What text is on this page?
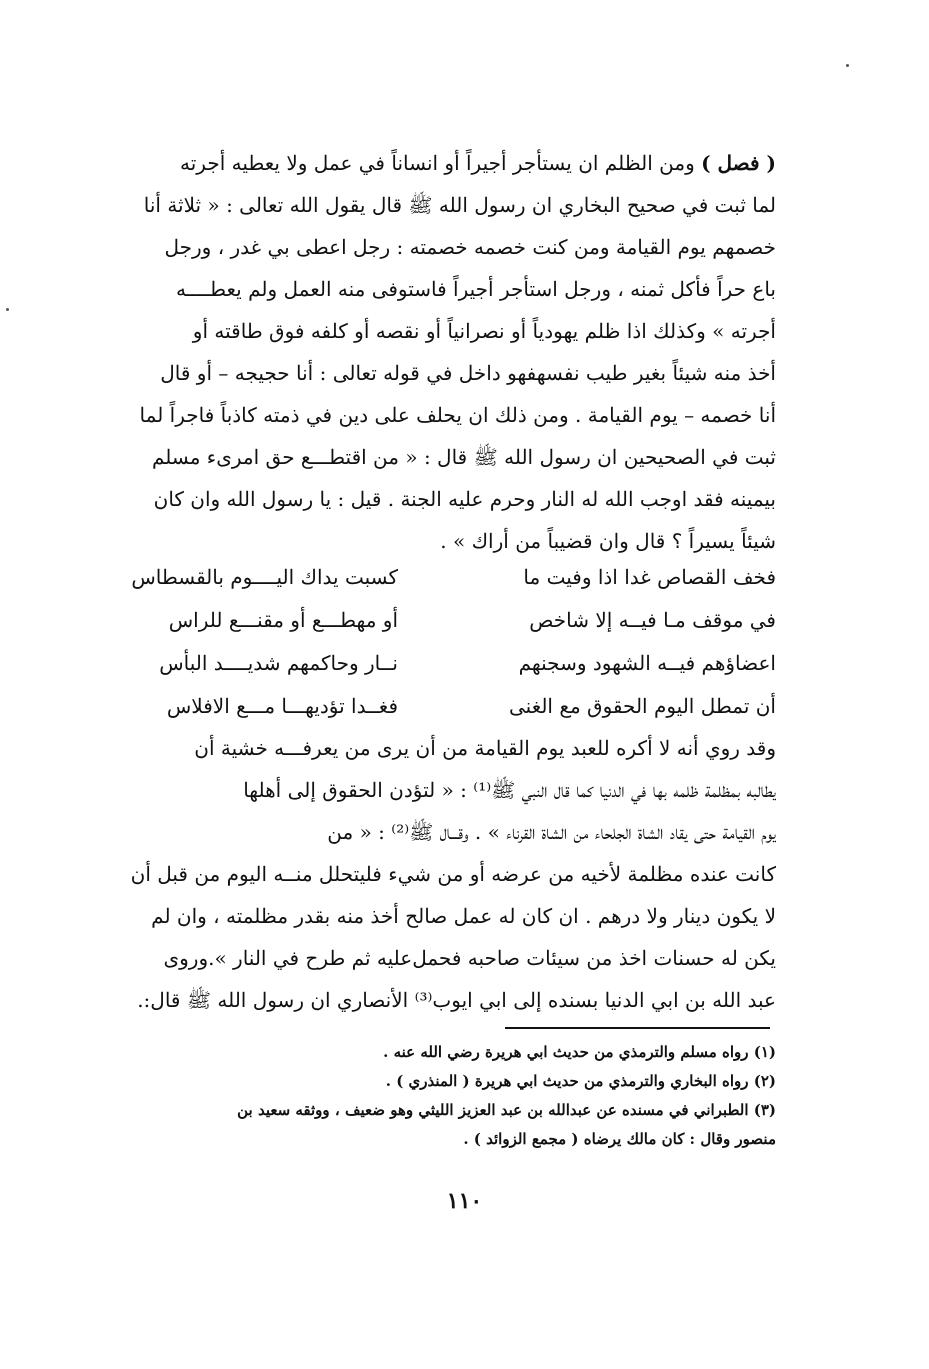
( فصل ) ومن الظلم ان يستأجر أجيراً أو انساناً في عمل ولا يعطيه أجرته
لما ثبت في صحيح البخاري ان رسول الله ﷺ قال يقول الله تعالى : « ثلاثة أنا
خصمهم يوم القيامة ومن كنت خصمه خصمته : رجل اعطى بي غدر ، ورجل
باع حراً فأكل ثمنه ، ورجل استأجر أجيراً فاستوفى منه العمل ولم يعطــــه
أجرته » وكذلك اذا ظلم يهودياً أو نصرانياً أو نقصه أو كلفه فوق طاقته أو
أخذ منه شيئاً بغير طيب نفسهفهو داخل في قوله تعالى : أنا حجيجه – أو قال
أنا خصمه – يوم القيامة . ومن ذلك ان يحلف على دين في ذمته كاذباً فاجراً لما
ثبت في الصحيحين ان رسول الله ﷺ قال : « من اقتطـــع حق امرىء مسلم
بيمينه فقد اوجب الله له النار وحرم عليه الجنة . قيل : يا رسول الله وان كان
شيئاً يسيراً ؟ قال وان قضيباً من أراك » .
فخف القصاص غدا اذا وفيت ما
كسبت يداك اليــــوم بالقسطاس
في موقف مـا فيــه إلا شاخص
أو مهطـــع أو مقنـــع للراس
اعضاؤهم فيــه الشهود وسجنهم
نــار وحاكمهم شديــــد البأس
أن تمطل اليوم الحقوق مع الغنى
فغــدا تؤديهـــا مـــع الافلاس
وقد روي أنه لا أكره للعبد يوم القيامة من أن يرى من يعرفـــه خشية أن
يطالبه بمظلمة ظلمه بها في الدنيا كما قال النبي ﷺ⁽¹⁾ : « لتؤدن الحقوق إلى أهلها
يوم القيامة حتى يقاد الشاة الجلحاء من الشاة القرناء » . وقـــال ﷺ⁽²⁾ : « من
كانت عنده مظلمة لأخيه من عرضه أو من شيء فليتحلل منــه اليوم من قبل أن
لا يكون دينار ولا درهم . ان كان له عمل صالح أخذ منه بقدر مظلمته ، وان لم
يكن له حسنات اخذ من سيئات صاحبه فحمل‌عليه ثم طرح في النار ».وروى
عبد الله بن ابي الدنيا بسنده إلى ابي ايوب⁽³⁾ الأنصاري ان رسول الله ﷺ قال:.
(١) رواه مسلم والترمذي من حديث ابي هريرة رضي الله عنه .
(٢) رواه البخاري والترمذي من حديث ابي هريرة ( المنذري ) .
(٣) الطبراني في مسنده عن عبدالله بن عبد العزيز الليثي وهو ضعيف ، ووثقه سعيد بن
منصور وقال : كان مالك يرضاه ( مجمع الزوائد ) .
١١٠
